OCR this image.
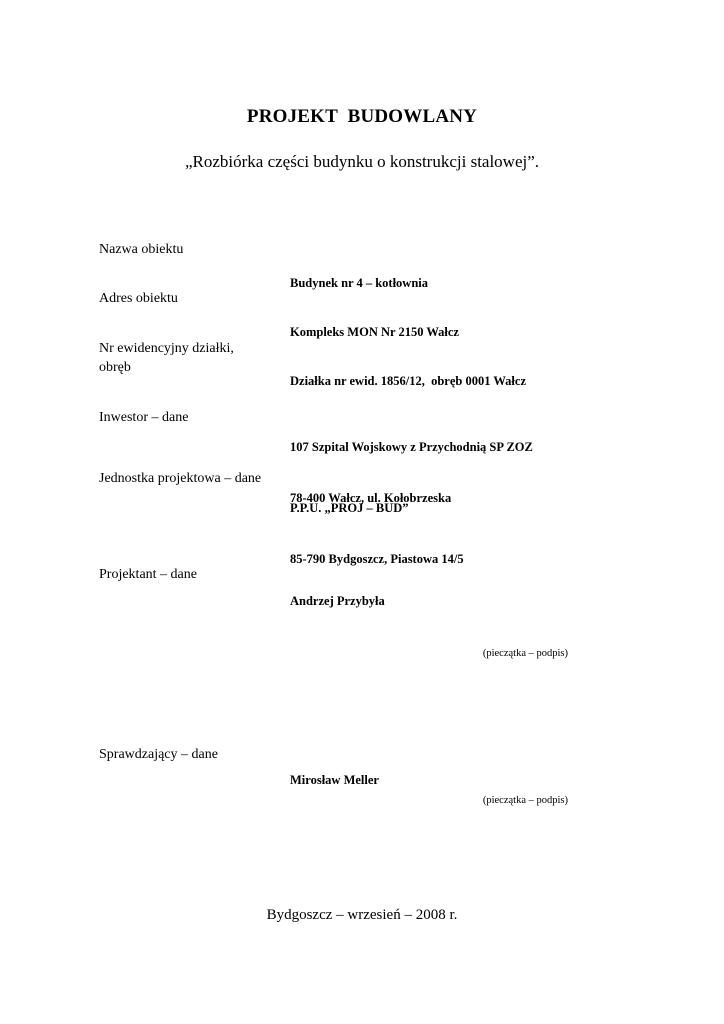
PROJEKT  BUDOWLANY
„Rozbiórka części budynku o konstrukcji stalowej”.
Nazwa obiektu

Budynek nr 4 – kotłownia

Adres obiektu

Kompleks MON Nr 2150 Wałcz

Nr ewidencyjny działki, obręb

Działka nr ewid. 1856/12,  obręb 0001 Wałcz

Inwestor – dane

107 Szpital Wojskowy z Przychodnią SP ZOZ

78-400 Wałcz, ul. Kołobrzeska

Jednostka projektowa – dane

P.P.U. „PROJ – BUD”

85-790 Bydgoszcz, Piastowa 14/5

Projektant – dane

Andrzej Przybyła

(pieczątka – podpis)
Sprawdzający – dane

Mirosław Meller

(pieczątka – podpis)
Bydgoszcz – wrzesień – 2008 r.
